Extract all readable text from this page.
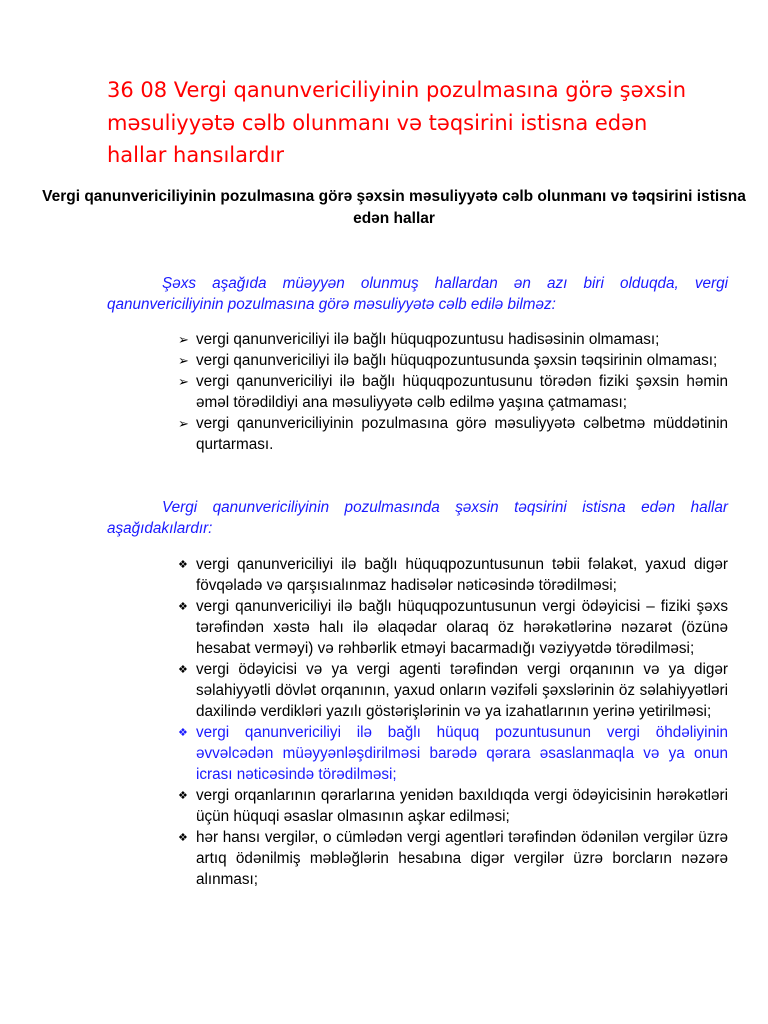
36 08 Vergi qanunvericiliyinin pozulmasına görə şəxsin məsuliyyətə cəlb olunmanı və təqsirini istisna edən hallar hansılardır

Vergi qanunvericiliyinin pozulmasına görə şəxsin məsuliyyətə cəlb olunmanı və təqsirini istisna edən hallar

Şəxs aşağıda müəyyən olunmuş hallardan ən azı biri olduqda, vergi qanunvericiliyinin pozulmasına görə məsuliyyətə cəlb edilə bilməz:

➢ vergi qanunvericiliyi ilə bağlı hüquqpozuntusu hadisəsinin olmaması;
➢ vergi qanunvericiliyi ilə bağlı hüquqpozuntusunda şəxsin təqsirinin olmaması;
➢ vergi qanunvericiliyi ilə bağlı hüquqpozuntusunu törədən fiziki şəxsin həmin əməl törədildiyi ana məsuliyyətə cəlb edilmə yaşına çatmaması;
➢ vergi qanunvericiliyinin pozulmasına görə məsuliyyətə cəlbetmə müddətinin qurtarması.

Vergi qanunvericiliyinin pozulmasında şəxsin təqsirini istisna edən hallar aşağıdakılardır:

❖ vergi qanunvericiliyi ilə bağlı hüquqpozuntusunun təbii fəlakət, yaxud digər fövqəladə və qarşısıalınmaz hadisələr nəticəsində törədilməsi;
❖ vergi qanunvericiliyi ilə bağlı hüquqpozuntusunun vergi ödəyicisi – fiziki şəxs tərəfindən xəstə halı ilə əlaqədar olaraq öz hərəkətlərinə nəzarət (özünə hesabat verməyi) və rəhbərlik etməyi bacarmadığı vəziyyətdə törədilməsi;
❖ vergi ödəyicisi və ya vergi agenti tərəfindən vergi orqanının və ya digər səlahiyyətli dövlət orqanının, yaxud onların vəzifəli şəxslərinin öz səlahiyyətləri daxilində verdikləri yazılı göstərişlərinin və ya izahatlarının yerinə yetirilməsi;
❖ vergi qanunvericiliyi ilə bağlı hüquq pozuntusunun vergi öhdəliyinin əvvəlcədən müəyyənləşdirilməsi barədə qərara əsaslanmaqla və ya onun icrası nəticəsində törədilməsi;
❖ vergi orqanlarının qərarlarına yenidən baxıldıqda vergi ödəyicisinin hərəkətləri üçün hüquqi əsaslar olmasının aşkar edilməsi;
❖ hər hansı vergilər, o cümlədən vergi agentləri tərəfindən ödənilən vergilər üzrə artıq ödənilmiş məbləğlərin hesabına digər vergilər üzrə borcların nəzərə alınması;
